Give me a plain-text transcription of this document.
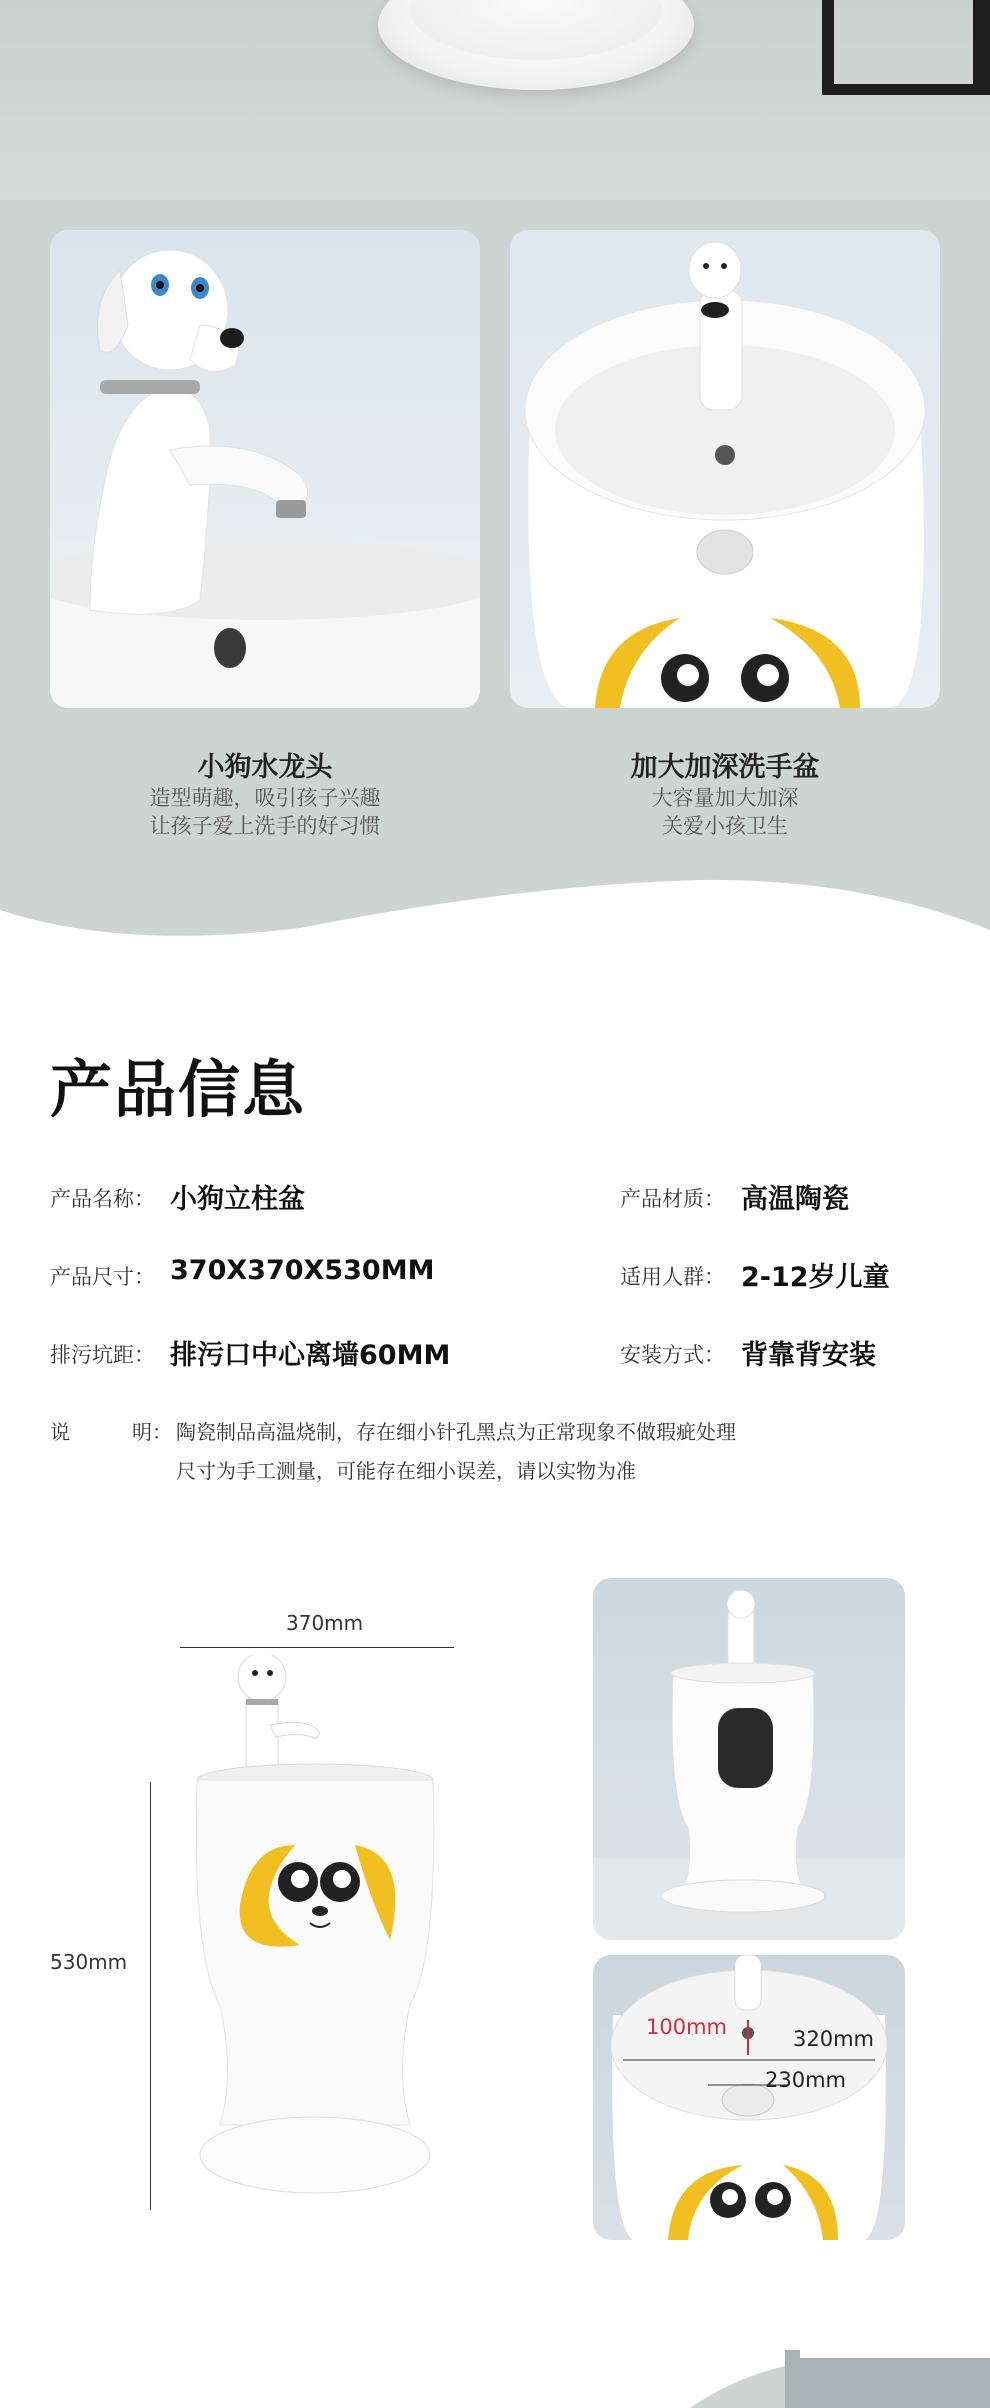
小狗水龙头
造型萌趣，吸引孩子兴趣
让孩子爱上洗手的好习惯
加大加深洗手盆
大容量加大加深
关爱小孩卫生
产品信息
产品名称： 小狗立柱盆	产品材质： 高温陶瓷
产品尺寸： 370X370X530MM	适用人群： 2-12岁儿童
排污坑距： 排污口中心离墙60MM	安装方式： 背靠背安装
说	明： 陶瓷制品高温烧制，存在细小针孔黑点为正常现象不做瑕疵处理
尺寸为手工测量，可能存在细小误差，请以实物为准
370mm
530mm
100mm	320mm
230mm
